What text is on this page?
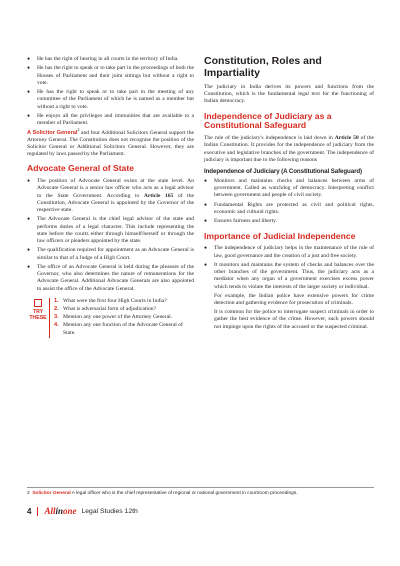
● He has the right of hearing in all courts in the territory of India.
● He has the right to speak or to take part in the proceedings of both the Houses of Parliament and their joint sittings but without a right to vote.
● He has the right to speak or to take part in the meeting of any committee of the Parliament of which he is named as a member but without a right to vote.
● He enjoys all the privileges and immunities that are available to a member of Parliament.

A Solicitor General$^2$ and four Additional Solicitors General support the Attorney General. The Constitution does not recognise the position of the Solicitor General or Additional Solicitors General. However, they are regulated by laws passed by the Parliament.

Advocate General of State
● The position of Advocate General exists at the state level. An Advocate General is a senior law officer who acts as a legal advisor to the State Government. According to Article 165 of the Constitution, Advocate General is appointed by the Governor of the respective state.
● The Advocate General is the chief legal advisor of the state and performs duties of a legal character. This include representing the state before the courts either through himself/herself or through the law officers or pleaders appointed by the state.
● The qualification required for appointment as an Advocate General is similar to that of a Judge of a High Court.
● The office of an Advocate General is held during the pleasure of the Governor, who also determines the nature of remunerations for the Advocate General. Additional Advocate Generals are also appointed to assist the office of the Advocate General.
TRY THESE
1. What were the first four High Courts in India?
2. What is adversarial form of adjudication?
3. Mention any one power of the Attorney General.
4. Mention any one function of the Advocate General of State.
Constitution, Roles and Impartiality

The judiciary in India derives its powers and functions from the Constitution, which is the fundamental legal text for the functioning of Indian democracy.

Independence of Judiciary as a Constitutional Safeguard

The rule of the judiciary's independence is laid down in Article 50 of the Indian Constitution. It provides for the independence of judiciary from the executive and legislative branches of the government. The independence of judiciary is important due to the following reasons

Independence of Judiciary (A Constitutional Safeguard)
● Monitors and maintains checks and balances between arms of government. Called as watchdog of democracy. Interpreting conflict between government and people of civil society.
● Fundamental Rights are protected as civil and political rights, economic and cultural rights.
● Ensures fairness and liberty.
Importance of Judicial Independence
● The independence of judiciary helps in the maintenance of the rule of law, good governance and the creation of a just and free society.
● It monitors and maintains the system of checks and balances over the other branches of the government. Thus, the judiciary acts as a mediator when any organ of a government exercises excess power which tends to violate the interests of the larger society or individual.

For example, the Indian police have extensive powers for crime detection and gathering evidence for prosecution of criminals.

It is common for the police to interrogate suspect criminals in order to gather the best evidence of the crime. However, such powers should not impinge upon the rights of the accused or the suspected criminal.

2 Solicitor General A legal officer who is the chief representative of regional or national government in courtroom proceedings.
4	Allinone Legal Studies 12th
